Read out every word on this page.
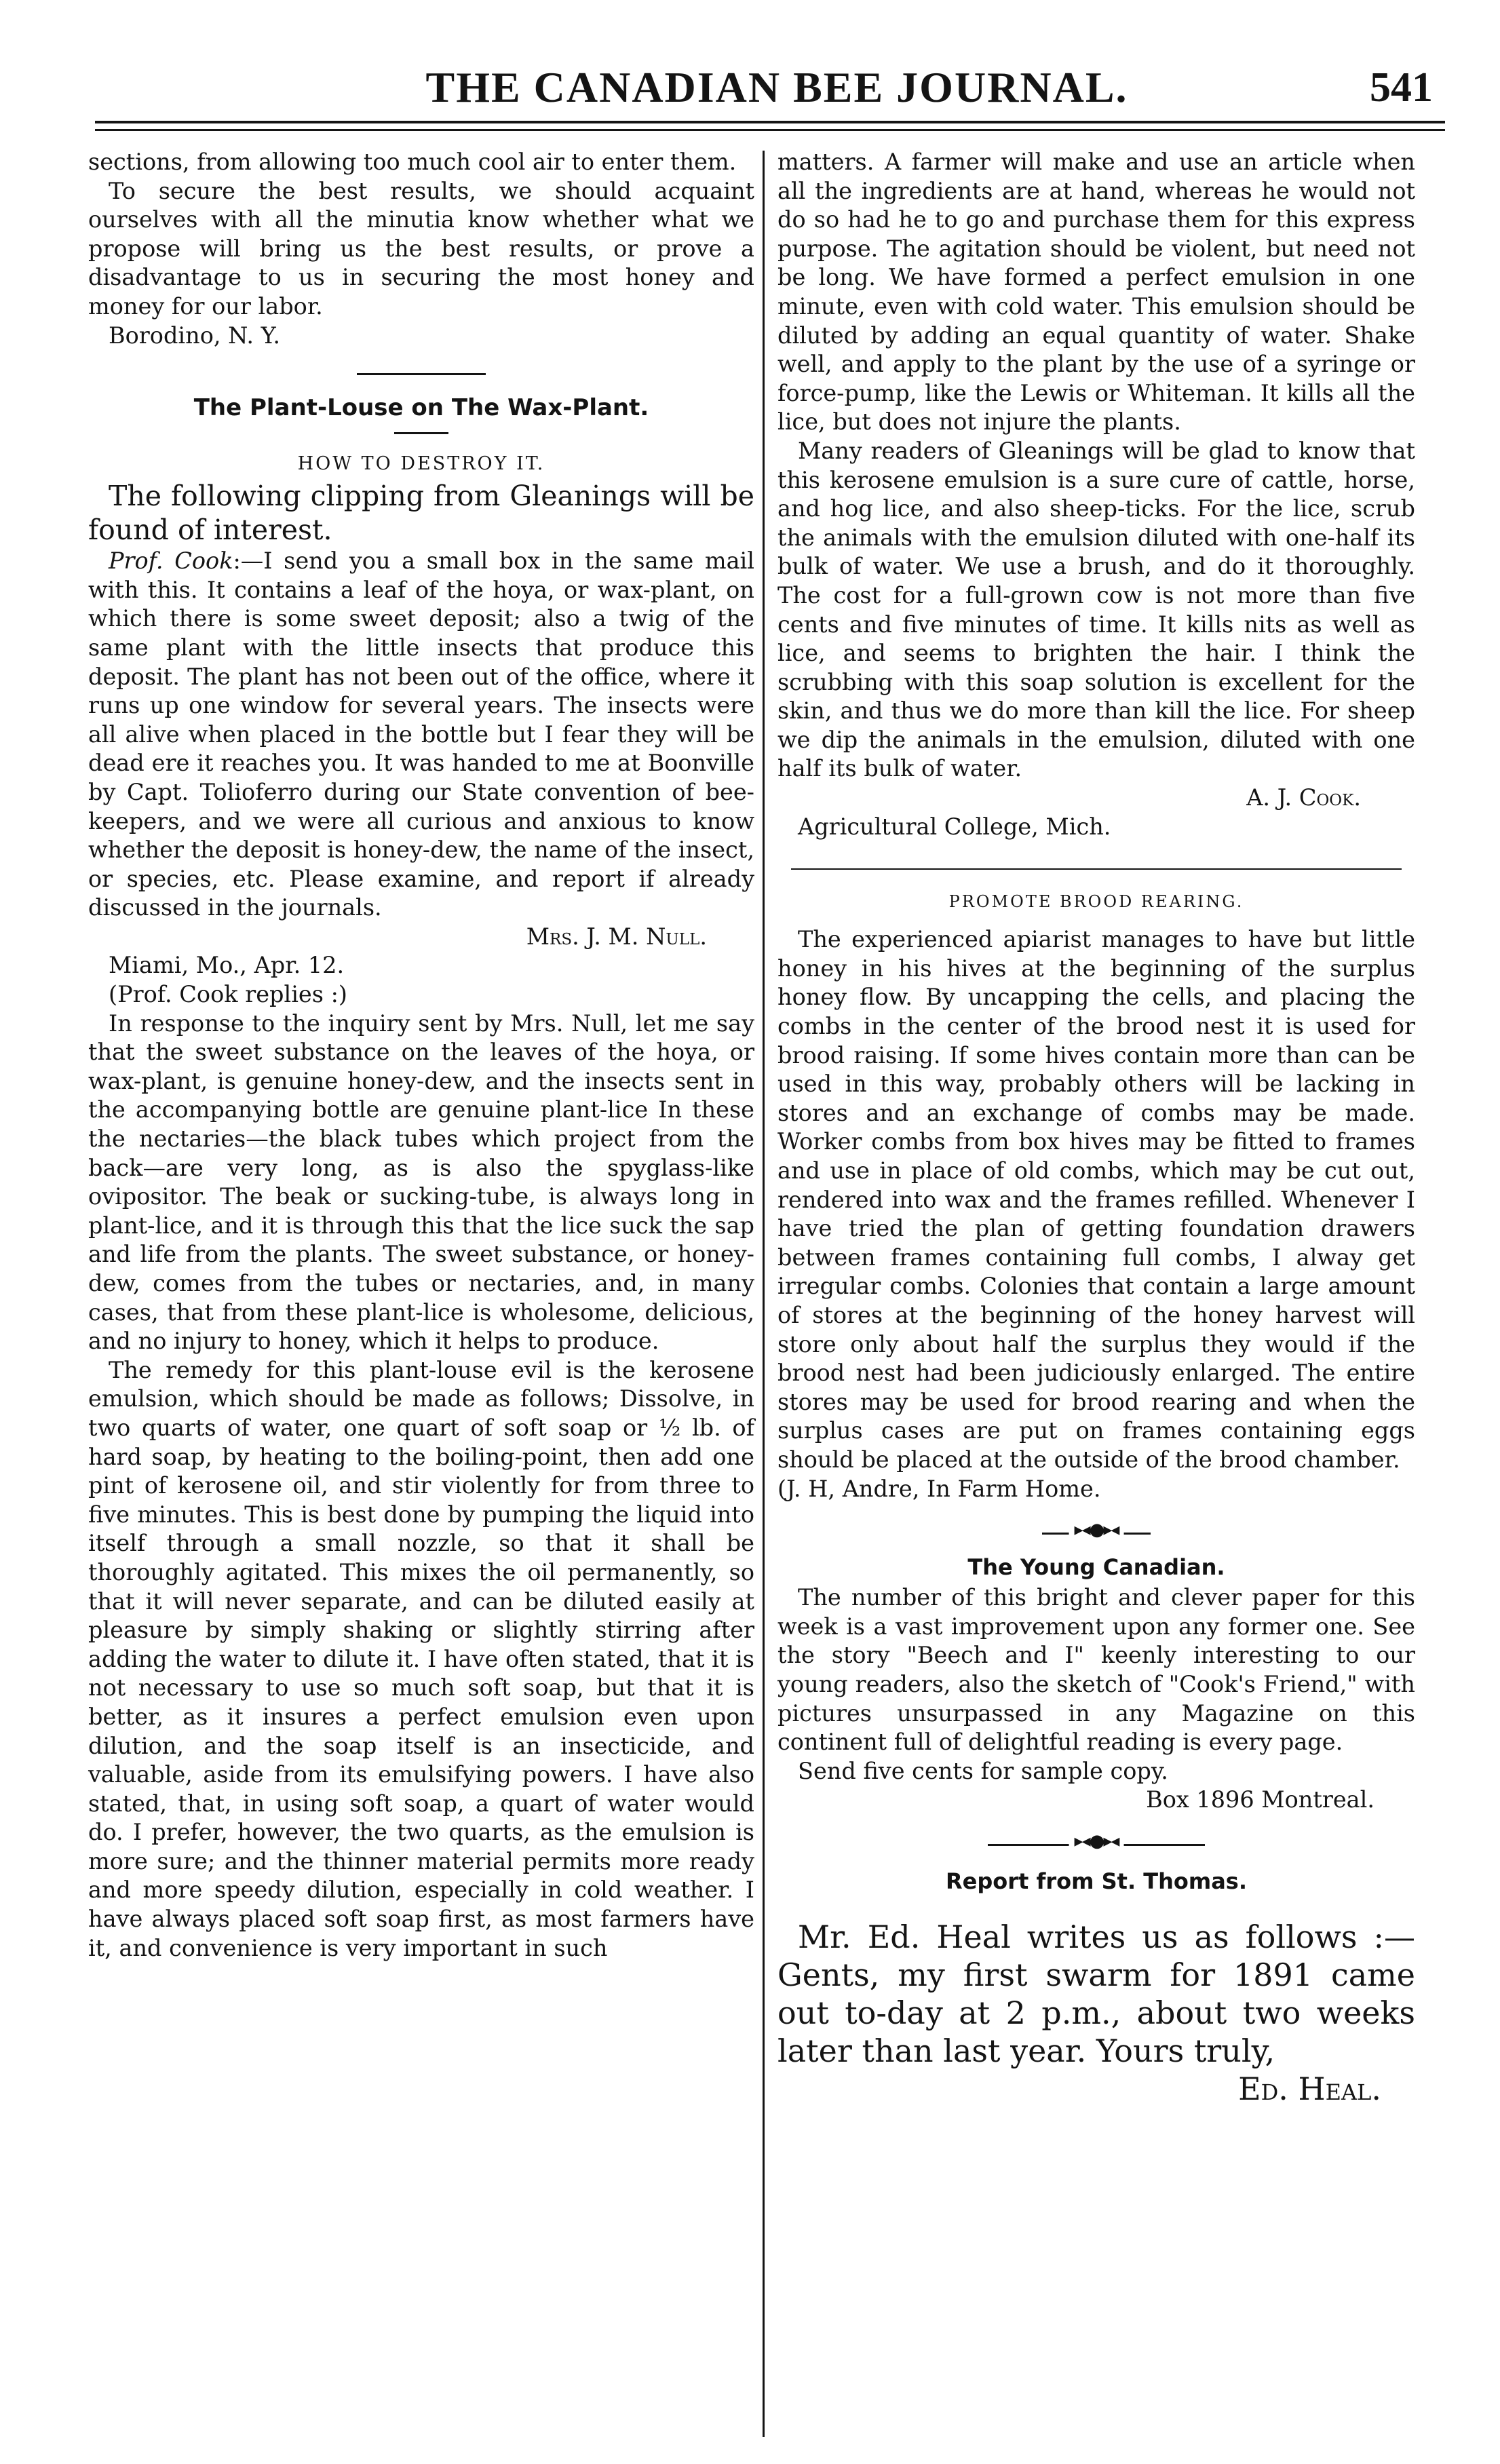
THE CANADIAN BEE JOURNAL.	541

sections, from allowing too much cool air to enter them.

To secure the best results, we should acquaint ourselves with all the minutia know whether what we propose will bring us the best results, or prove a disadvantage to us in securing the most honey and money for our labor.

Borodino, N. Y.

The Plant-Louse on The Wax-Plant.

HOW TO DESTROY IT.

The following clipping from Gleanings will be found of interest.

Prof. Cook:—I send you a small box in the same mail with this. It contains a leaf of the hoya, or wax-plant, on which there is some sweet deposit; also a twig of the same plant with the little insects that produce this deposit. The plant has not been out of the office, where it runs up one window for several years. The insects were all alive when placed in the bottle but I fear they will be dead ere it reaches you. It was handed to me at Boonville by Capt. Tolioferro during our State convention of bee-keepers, and we were all curious and anxious to know whether the deposit is honey-dew, the name of the insect, or species, etc. Please examine, and report if already discussed in the journals.

Mrs. J. M. Null.

Miami, Mo., Apr. 12.

(Prof. Cook replies :)

In response to the inquiry sent by Mrs. Null, let me say that the sweet substance on the leaves of the hoya, or wax-plant, is genuine honey-dew, and the insects sent in the accompanying bottle are genuine plant-lice In these the nectaries—the black tubes which project from the back—are very long, as is also the spyglass-like ovipositor. The beak or sucking-tube, is always long in plant-lice, and it is through this that the lice suck the sap and life from the plants. The sweet substance, or honey-dew, comes from the tubes or nectaries, and, in many cases, that from these plant-lice is wholesome, delicious, and no injury to honey, which it helps to produce.

The remedy for this plant-louse evil is the kerosene emulsion, which should be made as follows; Dissolve, in two quarts of water, one quart of soft soap or ½ lb. of hard soap, by heating to the boiling-point, then add one pint of kerosene oil, and stir violently for from three to five minutes. This is best done by pumping the liquid into itself through a small nozzle, so that it shall be thoroughly agitated. This mixes the oil permanently, so that it will never separate, and can be diluted easily at pleasure by simply shaking or slightly stirring after adding the water to dilute it. I have often stated, that it is not necessary to use so much soft soap, but that it is better, as it insures a perfect emulsion even upon dilution, and the soap itself is an insecticide, and valuable, aside from its emulsifying powers. I have also stated, that, in using soft soap, a quart of water would do. I prefer, however, the two quarts, as the emulsion is more sure; and the thinner material permits more ready and more speedy dilution, especially in cold weather. I have always placed soft soap first, as most farmers have it, and convenience is very important in such

matters. A farmer will make and use an article when all the ingredients are at hand, whereas he would not do so had he to go and purchase them for this express purpose. The agitation should be violent, but need not be long. We have formed a perfect emulsion in one minute, even with cold water. This emulsion should be diluted by adding an equal quantity of water. Shake well, and apply to the plant by the use of a syringe or force-pump, like the Lewis or Whiteman. It kills all the lice, but does not injure the plants.

Many readers of Gleanings will be glad to know that this kerosene emulsion is a sure cure of cattle, horse, and hog lice, and also sheep-ticks. For the lice, scrub the animals with the emulsion diluted with one-half its bulk of water. We use a brush, and do it thoroughly. The cost for a full-grown cow is not more than five cents and five minutes of time. It kills nits as well as lice, and seems to brighten the hair. I think the scrubbing with this soap solution is excellent for the skin, and thus we do more than kill the lice. For sheep we dip the animals in the emulsion, diluted with one half its bulk of water.

A. J. Cook.

Agricultural College, Mich.

PROMOTE BROOD REARING.

The experienced apiarist manages to have but little honey in his hives at the beginning of the surplus honey flow. By uncapping the cells, and placing the combs in the center of the brood nest it is used for brood raising. If some hives contain more than can be used in this way, probably others will be lacking in stores and an exchange of combs may be made. Worker combs from box hives may be fitted to frames and use in place of old combs, which may be cut out, rendered into wax and the frames refilled. Whenever I have tried the plan of getting foundation drawers between frames containing full combs, I alway get irregular combs. Colonies that contain a large amount of stores at the beginning of the honey harvest will store only about half the surplus they would if the brood nest had been judiciously enlarged. The entire stores may be used for brood rearing and when the surplus cases are put on frames containing eggs should be placed at the outside of the brood chamber.

(J. H, Andre, In Farm Home.

▸◂●▸◂

The Young Canadian.

The number of this bright and clever paper for this week is a vast improvement upon any former one. See the story "Beech and I" keenly interesting to our young readers, also the sketch of "Cook's Friend," with pictures unsurpassed in any Magazine on this continent full of delightful reading is every page.

Send five cents for sample copy.

Box 1896 Montreal.

▸◂●▸◂

Report from St. Thomas.

Mr. Ed. Heal writes us as follows :—Gents, my first swarm for 1891 came out to-day at 2 p.m., about two weeks later than last year. Yours truly,

Ed. Heal.
